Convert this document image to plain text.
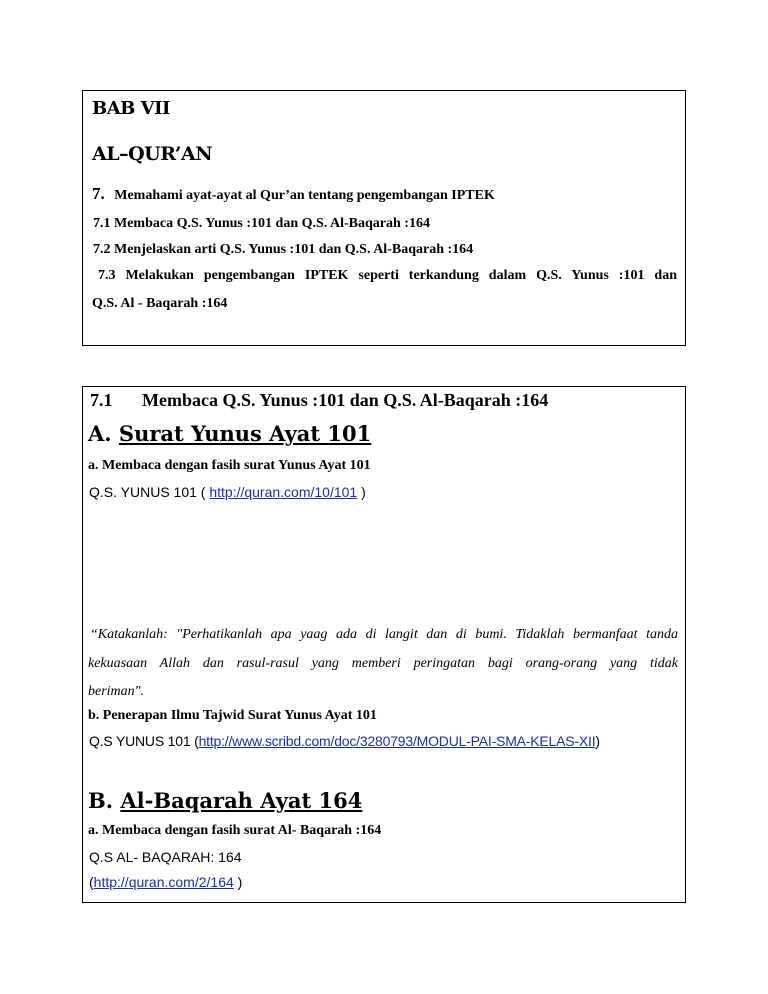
BAB VII
AL–QUR’AN
7. Memahami ayat-ayat al Qur’an tentang pengembangan IPTEK
7.1 Membaca Q.S. Yunus :101 dan Q.S. Al-Baqarah :164
7.2 Menjelaskan arti Q.S. Yunus :101 dan Q.S. Al-Baqarah :164
7.3 Melakukan pengembangan IPTEK seperti terkandung dalam Q.S. Yunus :101 dan
Q.S. Al - Baqarah :164
7.1 Membaca Q.S. Yunus :101 dan Q.S. Al-Baqarah :164
A. Surat Yunus Ayat 101
a. Membaca dengan fasih surat Yunus Ayat 101
Q.S. YUNUS 101 ( http://quran.com/10/101 )
“Katakanlah: "Perhatikanlah apa yaag ada di langit dan di bumi. Tidaklah bermanfaat tanda
kekuasaan Allah dan rasul-rasul yang memberi peringatan bagi orang-orang yang tidak
beriman".
b. Penerapan Ilmu Tajwid Surat Yunus Ayat 101
Q.S YUNUS 101 (http://www.scribd.com/doc/3280793/MODUL-PAI-SMA-KELAS-XII)
B. Al-Baqarah Ayat 164
a. Membaca dengan fasih surat Al- Baqarah :164
Q.S AL- BAQARAH: 164
(http://quran.com/2/164 )
